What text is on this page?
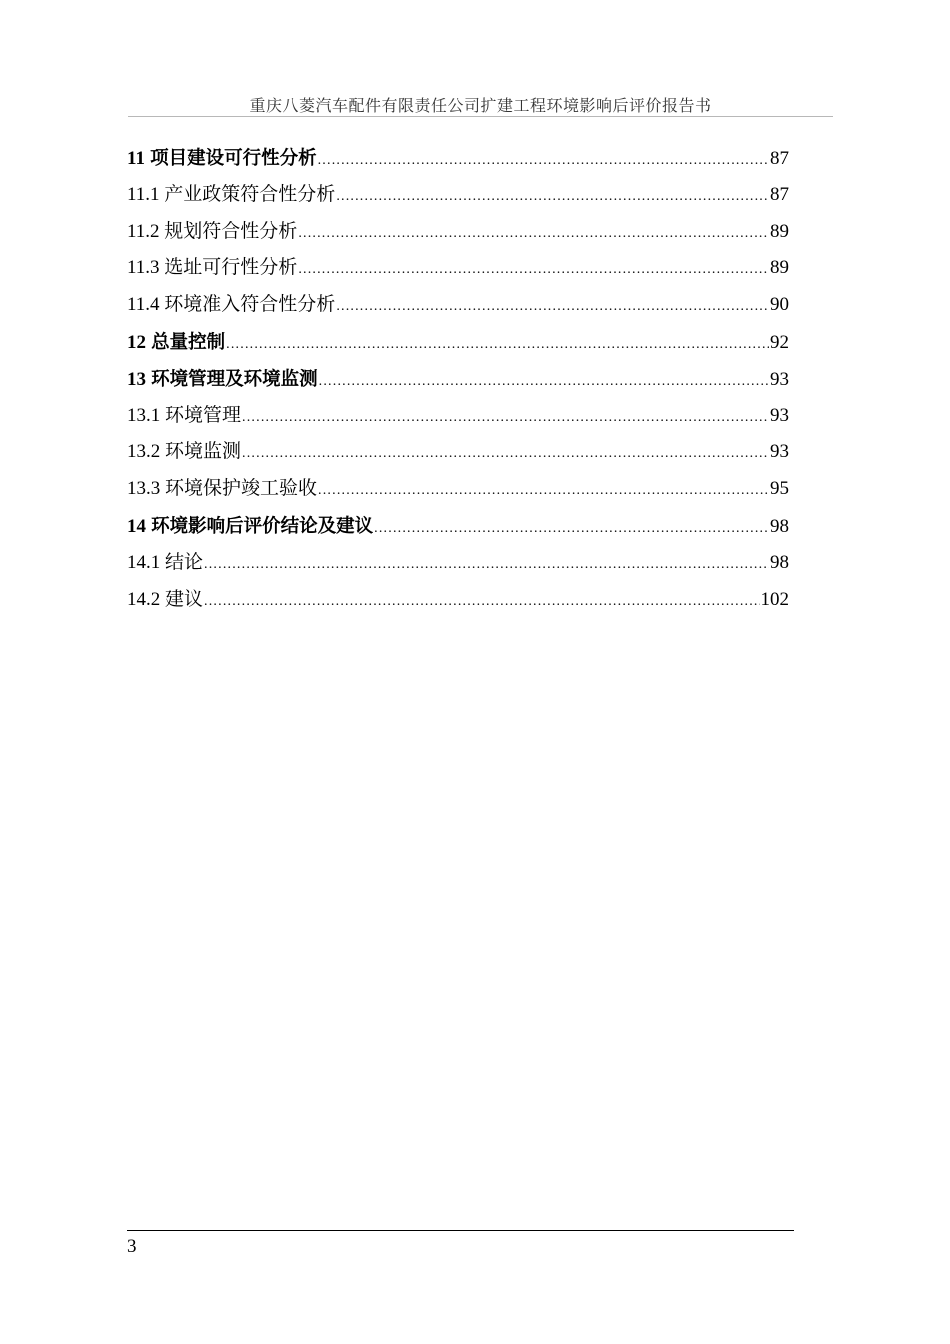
重庆八菱汽车配件有限责任公司扩建工程环境影响后评价报告书
11 项目建设可行性分析 .....	87
11.1 产业政策符合性分析 .....	87
11.2 规划符合性分析 .....	89
11.3 选址可行性分析 .....	89
11.4 环境准入符合性分析 .....	90
12 总量控制 .....	92
13 环境管理及环境监测 .....	93
13.1 环境管理 .....	93
13.2 环境监测 .....	93
13.3 环境保护竣工验收 .....	95
14 环境影响后评价结论及建议 .....	98
14.1 结论 .....	98
14.2 建议 .....	102
3
